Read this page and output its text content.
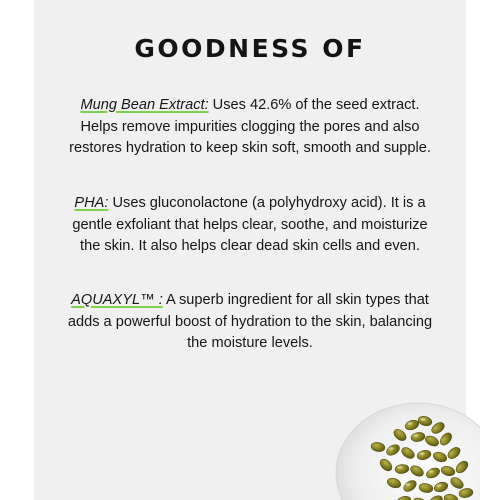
GOODNESS OF

Mung Bean Extract: Uses 42.6% of the seed extract. Helps remove impurities clogging the pores and also restores hydration to keep skin soft, smooth and supple.

PHA: Uses gluconolactone (a polyhydroxy acid). It is a gentle exfoliant that helps clear, soothe, and moisturize the skin. It also helps clear dead skin cells and even.

AQUAXYL™ : A superb ingredient for all skin types that adds a powerful boost of hydration to the skin, balancing the moisture levels.
